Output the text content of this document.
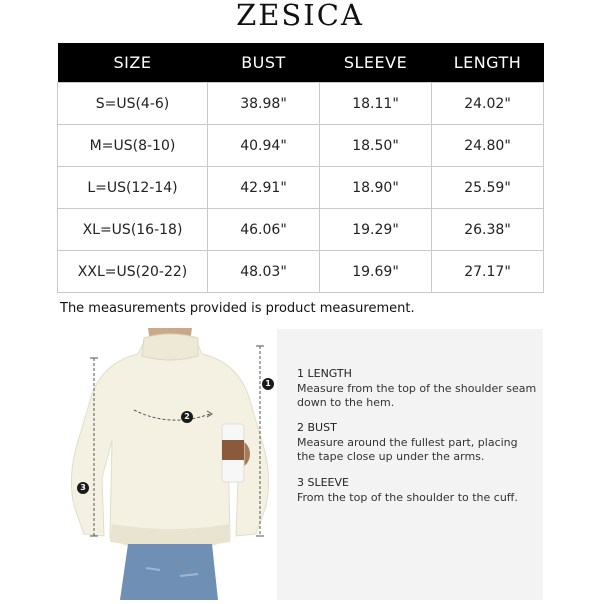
ZESICA
SIZE	BUST	SLEEVE	LENGTH
S=US(4-6)	38.98"	18.11"	24.02"
M=US(8-10)	40.94"	18.50"	24.80"
L=US(12-14)	42.91"	18.90"	25.59"
XL=US(16-18)	46.06"	19.29"	26.38"
XXL=US(20-22)	48.03"	19.69"	27.17"
The measurements provided is product measurement.
1
2
3
1 LENGTH
Measure from the top of the shoulder seam down to the hem.
2 BUST
Measure around the fullest part, placing the tape close up under the arms.
3 SLEEVE
From the top of the shoulder to the cuff.
